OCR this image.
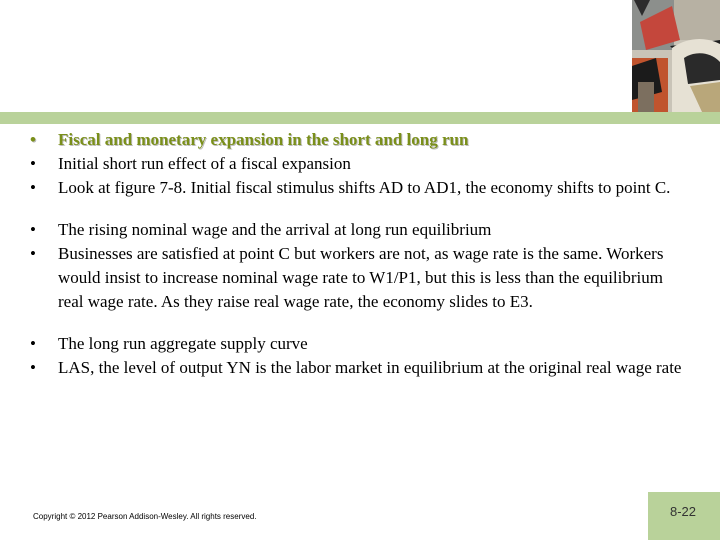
• Fiscal and monetary expansion in the short and long run
• Initial short run effect of a fiscal expansion
• Look at figure 7-8. Initial fiscal stimulus shifts AD to AD1, the economy shifts to point C.
• The rising nominal wage and the arrival at long run equilibrium
• Businesses are satisfied at point C but workers are not, as wage rate is the same. Workers would insist to increase nominal wage rate to W1/P1, but this is less than the equilibrium real wage rate. As they raise real wage rate, the economy slides to E3.
• The long run aggregate supply curve
• LAS, the level of output YN is the labor market in equilibrium at the original real wage rate
Copyright © 2012 Pearson Addison-Wesley. All rights reserved.	8-22
